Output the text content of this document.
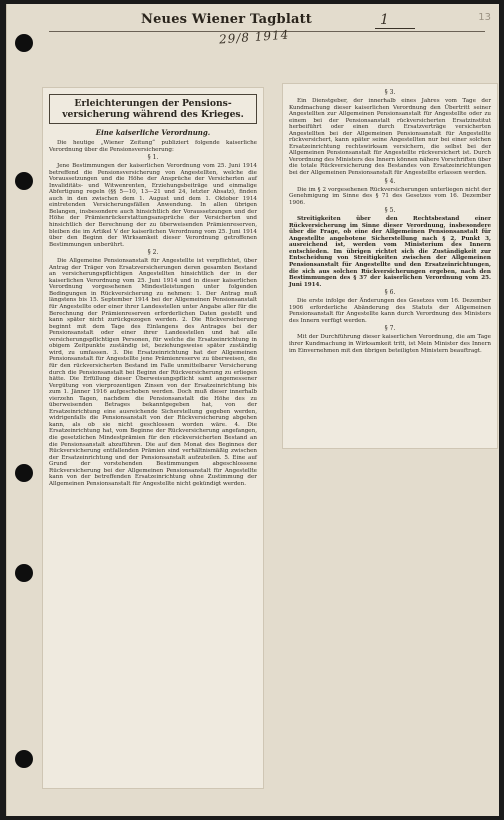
Neues Wiener Tagblatt
29/8 1914
1	13
Erleichterungen der Pensions-
versicherung während des Krieges.
Eine kaiserliche Verordnung.

Die heutige „Wiener Zeitung“ publiziert folgende kaiserliche Verordnung über die Pensionsversicherung:

§ 1.

Jene Bestimmungen der kaiserlichen Verordnung vom 25. Juni 1914 betreffend die Pensionsversicherung von Angestellten, welche die Voraussetzungen und die Höhe der Ansprüche der Versicherten auf Invaliditäts- und Witwenrenten, Erziehungsbeiträge und einmalige Abfertigung regeln (§§ 5—10, 13—21 und 24, letzter Absatz), finden auch in den zwischen dem 1. August und dem 1. Oktober 1914 eintretenden Versicherungsfällen Anwendung. In allen übrigen Belangen, insbesondere auch hinsichtlich der Voraussetzungen und der Höhe der Prämienrückerstattungsansprüche der Versicherten und hinsichtlich der Berechnung der zu überweisenden Prämienreserven, bleiben die im Artikel V der kaiserlichen Verordnung vom 25. Juni 1914 über den Beginn der Wirksamkeit dieser Verordnung getroffenen Bestimmungen unberührt.

§ 2.

Die Allgemeine Pensionsanstalt für Angestellte ist verpflichtet, über Antrag der Träger von Ersatzversicherungen deren gesamten Bestand an versicherungspflichtigen Angestellten hinsichtlich der in der kaiserlichen Verordnung vom 25. Juni 1914 und in dieser kaiserlichen Verordnung vorgesehenen Mindestleistungen unter folgenden Bedingungen in Rückversicherung zu nehmen: 1. Der Antrag muß längstens bis 15. September 1914 bei der Allgemeinen Pensionsanstalt für Angestellte oder einer ihrer Landesstellen unter Angabe aller für die Berechnung der Prämienreserven erforderlichen Daten gestellt und kann später nicht zurückgezogen werden. 2. Die Rückversicherung beginnt mit dem Tage des Einlangens des Antrages bei der Pensionsanstalt oder einer ihrer Landesstellen und hat alle versicherungspflichtigen Personen, für welche die Ersatzeinrichtung in obigem Zeitpunkte zuständig ist, beziehungsweise später zuständig wird, zu umfassen. 3. Die Ersatzeinrichtung hat der Allgemeinen Pensionsanstalt für Angestellte jene Prämienreserve zu überweisen, die für den rückversicherten Bestand im Falle unmittelbarer Versicherung durch die Pensionsanstalt bei Beginn der Rückversicherung zu erliegen hätte. Die Erfüllung dieser Überweisungspflicht samt angemessener Vergütung von vierprozentigen Zinsen von der Ersatzeinrichtung bis zum 1. Jänner 1916 aufgeschoben werden. Doch muß dieser innerhalb vierzehn Tagen, nachdem die Pensionsanstalt die Höhe des zu überweisenden Betrages bekanntgegeben hat, von der Ersatzeinrichtung eine ausreichende Sicherstellung gegeben werden, widrigenfalls die Pensionsanstalt von der Rückversicherung abgehen kann, als ob sie nicht geschlossen worden wäre. 4. Die Ersatzeinrichtung hat, vom Beginne der Rückversicherung angefangen, die gesetzlichen Mindestprämien für den rückversicherten Bestand an die Pensionsanstalt abzuführen. Die auf den Monat des Beginnes der Rückversicherung entfallenden Prämien sind verhältnismäßig zwischen der Ersatzeinrichtung und der Pensionsanstalt aufzuteilen. 5. Eine auf Grund der vorstehenden Bestimmungen abgeschlossene Rückversicherung bei der Allgemeinen Pensionsanstalt für Angestellte kann von der betreffenden Ersatzeinrichtung ohne Zustimmung der Allgemeinen Pensionsanstalt für Angestellte nicht gekündigt werden.

§ 3.

Ein Dienstgeber, der innerhalb eines Jahres vom Tage der Kundmachung dieser kaiserlichen Verordnung den Übertritt seiner Angestellten zur Allgemeinen Pensionsanstalt für Angestellte oder zu einem bei der Pensionsanstalt rückversicherten Ersatzinstitut herbeiführt oder einen durch Ersatzverträge versicherten Angestellten bei der Allgemeinen Pensionsanstalt für Angestellte rückversichert, kann später seine Angestellten nur bei einer solchen Ersatzeinrichtung rechtswirksam versichern, die selbst bei der Allgemeinen Pensionsanstalt für Angestellte rückversichert ist. Durch Verordnung des Ministers des Innern können nähere Vorschriften über die totale Rückversicherung des Bestandes von Ersatzeinrichtungen bei der Allgemeinen Pensionsanstalt für Angestellte erlassen werden.

§ 4.

Die im § 2 vorgesehenen Rückversicherungen unterliegen nicht der Genehmigung im Sinne des § 71 des Gesetzes vom 16. Dezember 1906.

§ 5.

Streitigkeiten über den Rechtsbestand einer Rückversicherung im Sinne dieser Verordnung, insbesondere über die Frage, ob eine der Allgemeinen Pensionsanstalt für Angestellte angebotene Sicherstellung nach § 2, Punkt 3, ausreichend ist, werden vom Ministerium des Innern entschieden. Im übrigen richtet sich die Zuständigkeit zur Entscheidung von Streitigkeiten zwischen der Allgemeinen Pensionsanstalt für Angestellte und den Ersatzeinrichtungen, die sich aus solchen Rückversicherungen ergeben, nach den Bestimmungen des § 37 der kaiserlichen Verordnung vom 25. Juni 1914.

§ 6.

Die erste infolge der Änderungen des Gesetzes vom 16. Dezember 1906 erforderliche Abänderung des Statuts der Allgemeinen Pensionsanstalt für Angestellte kann durch Verordnung des Ministers des Innern verfügt werden.

§ 7.

Mit der Durchführung dieser kaiserlichen Verordnung, die am Tage ihrer Kundmachung in Wirksamkeit tritt, ist Mein Minister des Innern im Einvernehmen mit den übrigen beteiligten Ministern beauftragt.
